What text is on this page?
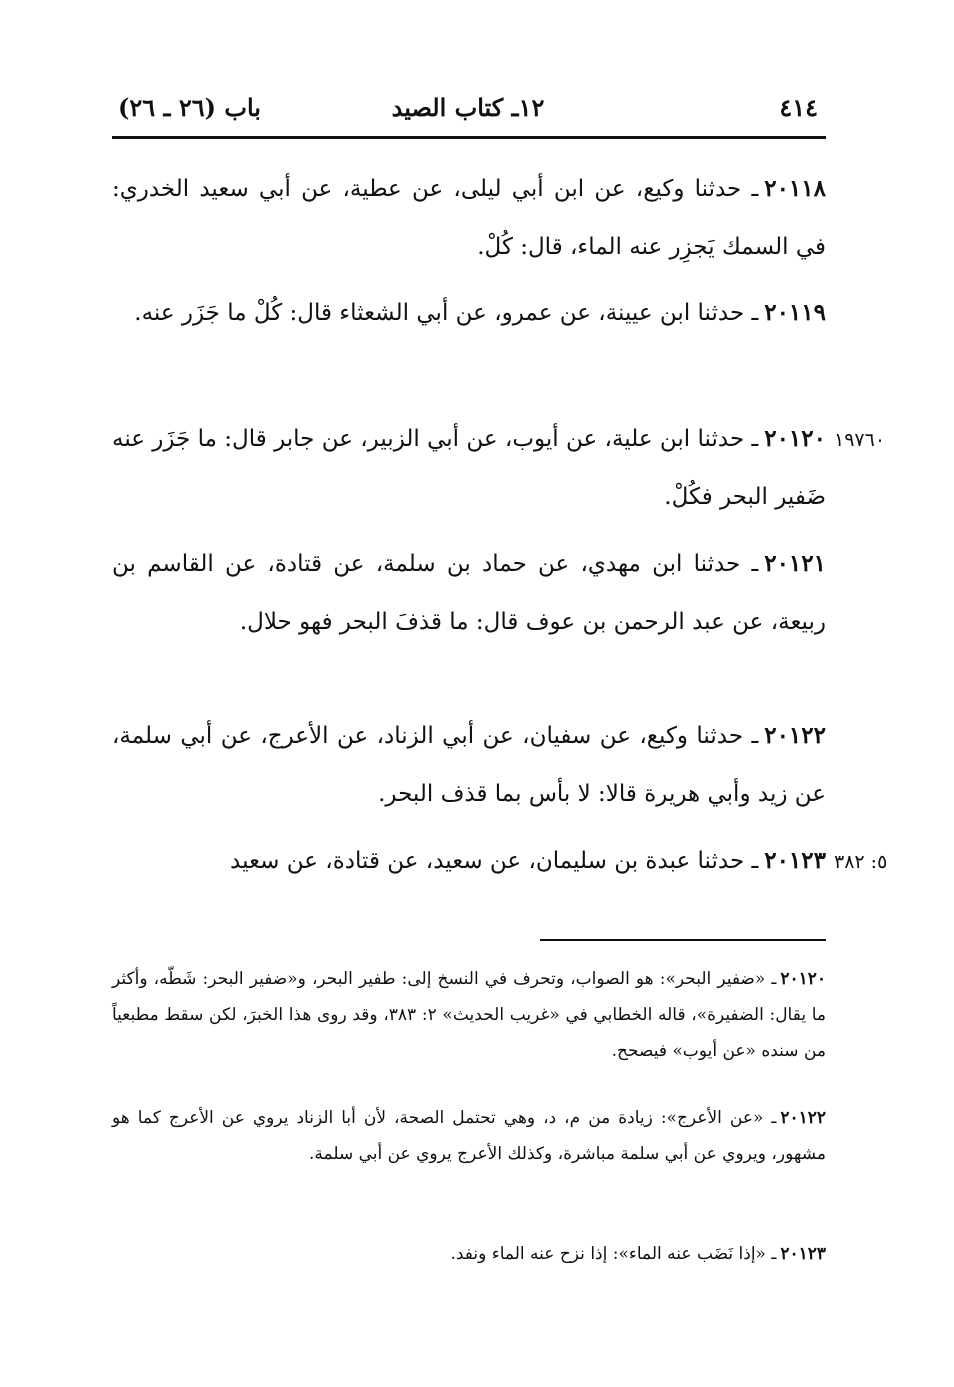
٤١٤
١٢ـ كتاب الصيد
باب (٢٦ ـ ٢٦)
٢٠١١٨ـ حدثنا وكيع، عن ابن أبي ليلى، عن عطية، عن أبي سعيد الخدري: في السمك يَجزِر عنه الماء، قال: كُلْ.
٢٠١١٩ـ حدثنا ابن عيينة، عن عمرو، عن أبي الشعثاء قال: كُلْ ما جَزَر عنه.
١٩٧٦٠
٢٠١٢٠ـ حدثنا ابن علية، عن أيوب، عن أبي الزبير، عن جابر قال: ما جَزَر عنه ضَفير البحر فكُلْ.
٢٠١٢١ـ حدثنا ابن مهدي، عن حماد بن سلمة، عن قتادة، عن القاسم بن ربيعة، عن عبد الرحمن بن عوف قال: ما قذفَ البحر فهو حلال.
٢٠١٢٢ـ حدثنا وكيع، عن سفيان، عن أبي الزناد، عن الأعرج، عن أبي سلمة، عن زيد وأبي هريرة قالا: لا بأس بما قذف البحر.
٥: ٣٨٢
٢٠١٢٣ـ حدثنا عبدة بن سليمان، عن سعيد، عن قتادة، عن سعيد
٢٠١٢٠ـ «ضفير البحر»: هو الصواب، وتحرف في النسخ إلى: طفير البحر، و«ضفير البحر: شَطّه، وأكثر ما يقال: الضفيرة»، قاله الخطابي في «غريب الحديث» ٢: ٣٨٣، وقد روى هذا الخبرَ، لكن سقط مطبعياً من سنده «عن أيوب» فيصحح.
٢٠١٢٢ـ «عن الأعرج»: زيادة من م، د، وهي تحتمل الصحة، لأن أبا الزناد يروي عن الأعرج كما هو مشهور، ويروي عن أبي سلمة مباشرة، وكذلك الأعرج يروي عن أبي سلمة.
٢٠١٢٣ـ «إذا نَضَب عنه الماء»: إذا نزح عنه الماء ونفد.
